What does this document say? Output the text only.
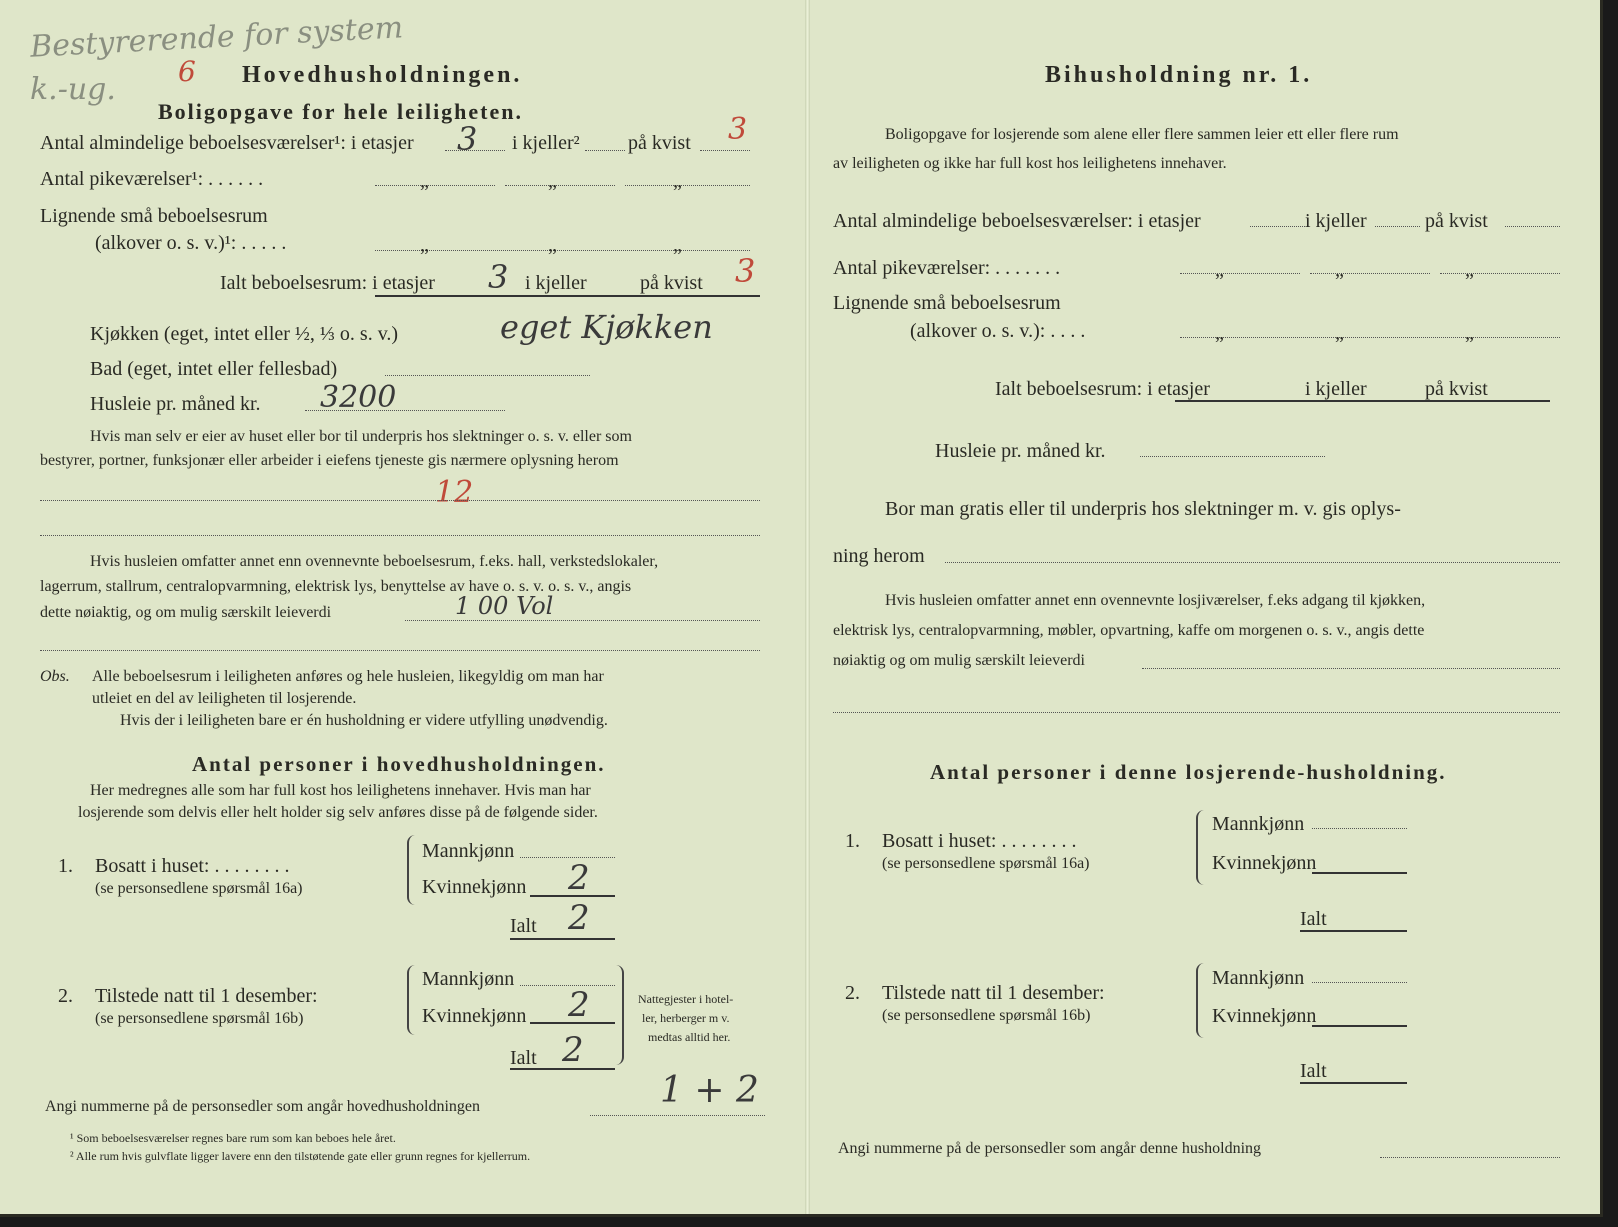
Bestyrerende for system
k.-ug.
6 Hovedhusholdningen.
Boligopgave for hele leiligheten.
Antal almindelige beboelsesværelser¹: i etasjer 3 i kjeller² på kvist 3
Antal pikeværelser¹: . . . . . .	„	„	„
Lignende små beboelsesrum
(alkover o. s. v.)¹: . . . . .	„	„	„
Ialt beboelsesrum: i etasjer 3 i kjeller	på kvist 3
Kjøkken (eget, intet eller ½, ⅓ o. s. v.)	eget Kjøkken
Bad (eget, intet eller fellesbad)
Husleie pr. måned kr. 3200
Hvis man selv er eier av huset eller bor til underpris hos slektninger o. s. v. eller som
bestyrer, portner, funksjonær eller arbeider i eiefens tjeneste gis nærmere oplysning herom
12
Hvis husleien omfatter annet enn ovennevnte beboelsesrum, f.eks. hall, verkstedslokaler,
lagerrum, stallrum, centralopvarmning, elektrisk lys, benyttelse av have o. s. v. o. s. v., angis
dette nøiaktig, og om mulig særskilt leieverdi	1 00 Vol
Obs. Alle beboelsesrum i leiligheten anføres og hele husleien, likegyldig om man har
utleiet en del av leiligheten til losjerende.
Hvis der i leiligheten bare er én husholdning er videre utfylling unødvendig.
Antal personer i hovedhusholdningen.
Her medregnes alle som har full kost hos leilighetens innehaver. Hvis man har
losjerende som delvis eller helt holder sig selv anføres disse på de følgende sider.
1. Bosatt i huset: . . . . . . . .
(se personsedlene spørsmål 16a)
Mannkjønn
Kvinnekjønn 2
Ialt 2
2. Tilstede natt til 1 desember:
(se personsedlene spørsmål 16b)
Mannkjønn
Kvinnekjønn 2
Ialt 2
Nattegjester i hotel-
ler, herberger m v.
medtas alltid her.
Angi nummerne på de personsedler som angår hovedhusholdningen	1 + 2
¹ Som beboelsesværelser regnes bare rum som kan beboes hele året.
² Alle rum hvis gulvflate ligger lavere enn den tilstøtende gate eller grunn regnes for kjellerrum.
Bihusholdning nr. 1.
Boligopgave for losjerende som alene eller flere sammen leier ett eller flere rum
av leiligheten og ikke har full kost hos leilighetens innehaver.
Antal almindelige beboelsesværelser: i etasjer	i kjeller	på kvist
Antal pikeværelser: . . . . . . .	„	„	„
Lignende små beboelsesrum
(alkover o. s. v.): . . . .	„	„	„
Ialt beboelsesrum: i etasjer	i kjeller	på kvist
Husleie pr. måned kr.
Bor man gratis eller til underpris hos slektninger m. v. gis oplys-
ning herom
Hvis husleien omfatter annet enn ovennevnte losjiværelser, f.eks adgang til kjøkken,
elektrisk lys, centralopvarmning, møbler, opvartning, kaffe om morgenen o. s. v., angis dette
nøiaktig og om mulig særskilt leieverdi
Antal personer i denne losjerende-husholdning.
1. Bosatt i huset: . . . . . . . .
(se personsedlene spørsmål 16a)
Mannkjønn
Kvinnekjønn
Ialt
2. Tilstede natt til 1 desember:
(se personsedlene spørsmål 16b)
Mannkjønn
Kvinnekjønn
Ialt
Angi nummerne på de personsedler som angår denne husholdning
